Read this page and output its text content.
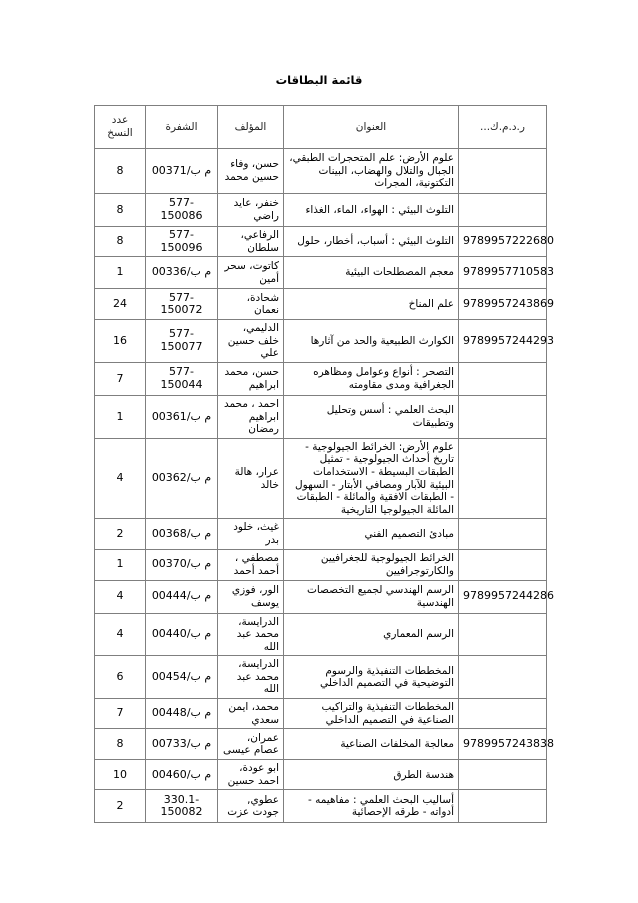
قائمة البطاقات
ر.د.م.ك...	العنوان	المؤلف	الشفرة	عدد النسخ
	علوم الأرض: علم المتحجرات الطبقي، الجبال والتلال والهضاب، البينات التكتونية، المجرات	حسن، وفاء حسين محمد	م ب/00371	8
	التلوث البيئي : الهواء، الماء، الغذاء	خنفر، عايد راضي	577-150086	8
9789957222680	التلوث البيئي : أسباب، أخطار، حلول	الرفاعي، سلطان	577-150096	8
9789957710583	معجم المصطلحات البيئية	كاتوت، سحر أمين	م ب/00336	1
9789957243869	علم المناخ	شحادة، نعمان	577-150072	24
9789957244293	الكوارث الطبيعية والحد من آثارها	الدليمي، خلف حسين علي	577-150077	16
	التصحر : أنواع وعوامل ومظاهره الجغرافية ومدى مقاومته	حسن، محمد ابراهيم	577-150044	7
	البحث العلمي : أسس وتحليل وتطبيقات	احمد ، محمد ابراهيم رمضان	م ب/00361	1
	علوم الأرض: الخرائط الجيولوجية - تاريخ أحداث الجيولوجية - تمثيل الطبقات البسيطة - الاستخدامات البيئية للآبار ومصافي الأبتار - السهول - الطبقات الافقية والمائلة - الطبقات المائلة الجيولوجيا التاريخية	عرار، هالة خالد	م ب/00362	4
	مبادئ التصميم الفني	غيث، خلود بدر	م ب/00368	2
	الخرائط الجيولوجية للجغرافيين والكارتوجرافيين	مصطفي ، أحمد أحمد	م ب/00370	1
9789957244286	الرسم الهندسي لجميع التخصصات الهندسية	الور، فوزي يوسف	م ب/00444	4
	الرسم المعماري	الدرايسة، محمد عبد الله	م ب/00440	4
	المخططات التنفيذية والرسوم التوضيحية في التصميم الداخلي	الدرايسة، محمد عبد الله	م ب/00454	6
	المخططات التنفيذية والتراكيب الصناعية في التصميم الداخلي	محمد، ايمن سعدي	م ب/00448	7
9789957243838	معالجة المخلفات الصناعية	عمران، عصام عيسى	م ب/00733	8
	هندسة الطرق	ابو عودة، احمد حسين	م ب/00460	10
	أساليب البحث العلمي : مفاهيمه - أدواته - طرقه الإحصائية	عطوي, جودت عزت	330.1-150082	2
